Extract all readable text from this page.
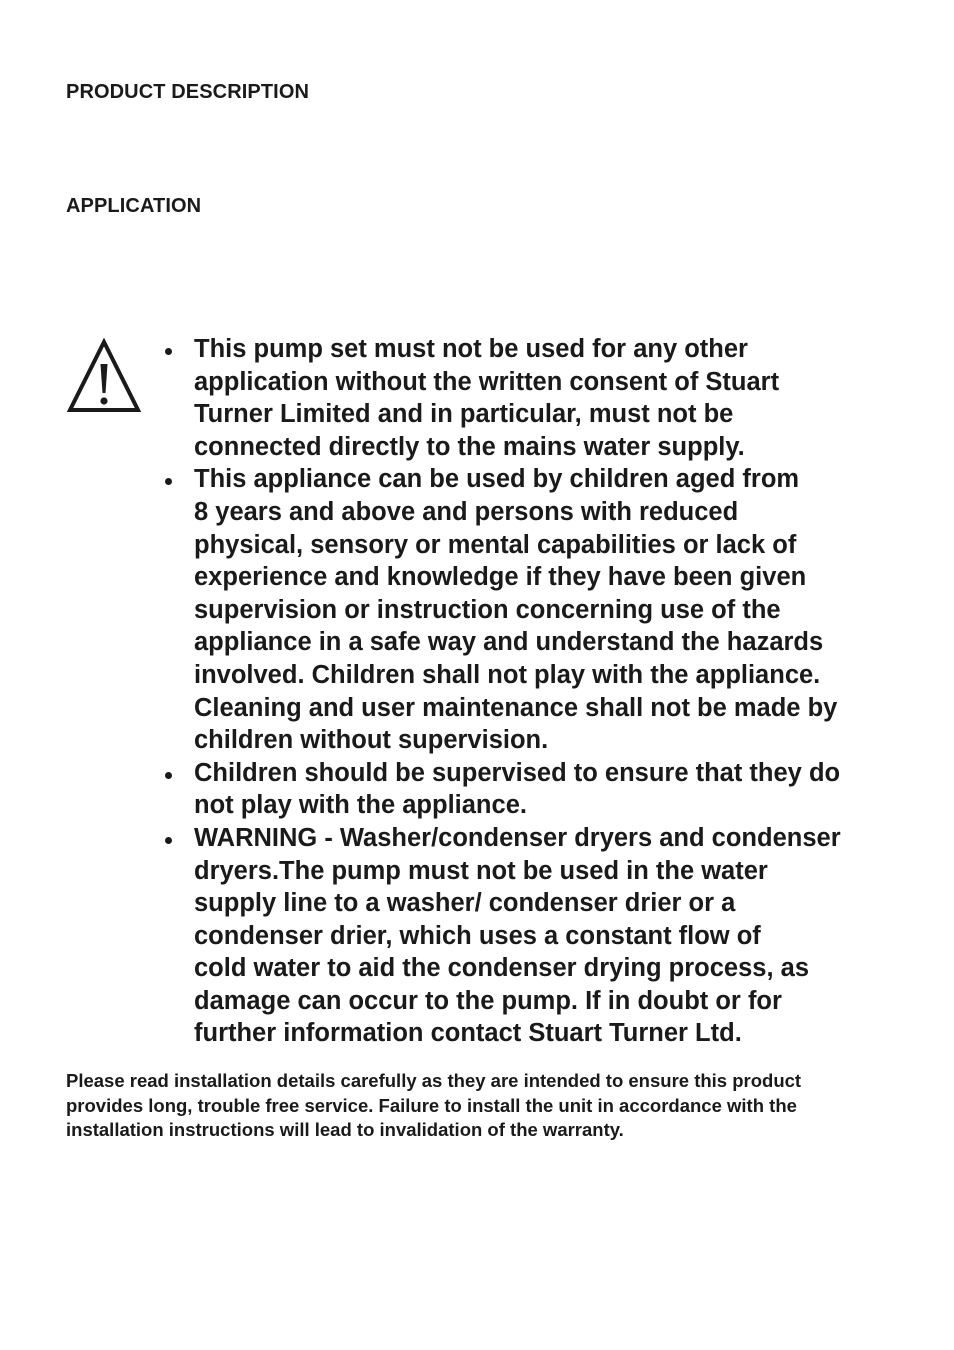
PRODUCT DESCRIPTION
APPLICATION
This pump set must not be used for any other
application without the written consent of Stuart
Turner Limited and in particular, must not be
connected directly to the mains water supply.
This appliance can be used by children aged from
8 years and above and persons with reduced
physical, sensory or mental capabilities or lack of
experience and knowledge if they have been given
supervision or instruction concerning use of the
appliance in a safe way and understand the hazards
involved. Children shall not play with the appliance.
Cleaning and user maintenance shall not be made by
children without supervision.
Children should be supervised to ensure that they do
not play with the appliance.
WARNING - Washer/condenser dryers and condenser
dryers.The pump must not be used in the water
supply line to a washer/ condenser drier or a
condenser drier, which uses a constant flow of
cold water to aid the condenser drying process, as
damage can occur to the pump. If in doubt or for
further information contact Stuart Turner Ltd.

Please read installation details carefully as they are intended to ensure this product
provides long, trouble free service. Failure to install the unit in accordance with the
installation instructions will lead to invalidation of the warranty.
